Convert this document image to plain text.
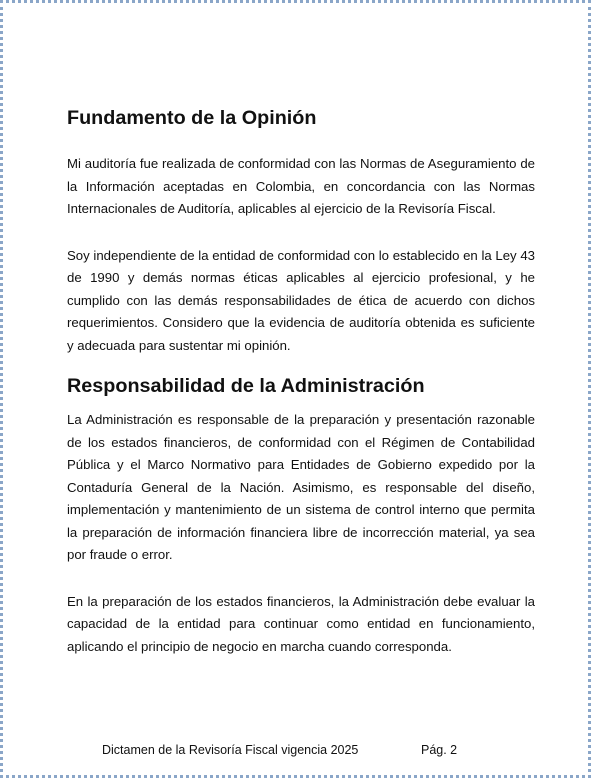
Fundamento de la Opinión

Mi auditoría fue realizada de conformidad con las Normas de Aseguramiento de la Información aceptadas en Colombia, en concordancia con las Normas Internacionales de Auditoría, aplicables al ejercicio de la Revisoría Fiscal.

Soy independiente de la entidad de conformidad con lo establecido en la Ley 43 de 1990 y demás normas éticas aplicables al ejercicio profesional, y he cumplido con las demás responsabilidades de ética de acuerdo con dichos requerimientos. Considero que la evidencia de auditoría obtenida es suficiente y adecuada para sustentar mi opinión.

Responsabilidad de la Administración

La Administración es responsable de la preparación y presentación razonable de los estados financieros, de conformidad con el Régimen de Contabilidad Pública y el Marco Normativo para Entidades de Gobierno expedido por la Contaduría General de la Nación. Asimismo, es responsable del diseño, implementación y mantenimiento de un sistema de control interno que permita la preparación de información financiera libre de incorrección material, ya sea por fraude o error.

En la preparación de los estados financieros, la Administración debe evaluar la capacidad de la entidad para continuar como entidad en funcionamiento, aplicando el principio de negocio en marcha cuando corresponda.

Dictamen de la Revisoría Fiscal vigencia 2025	Pág. 2
